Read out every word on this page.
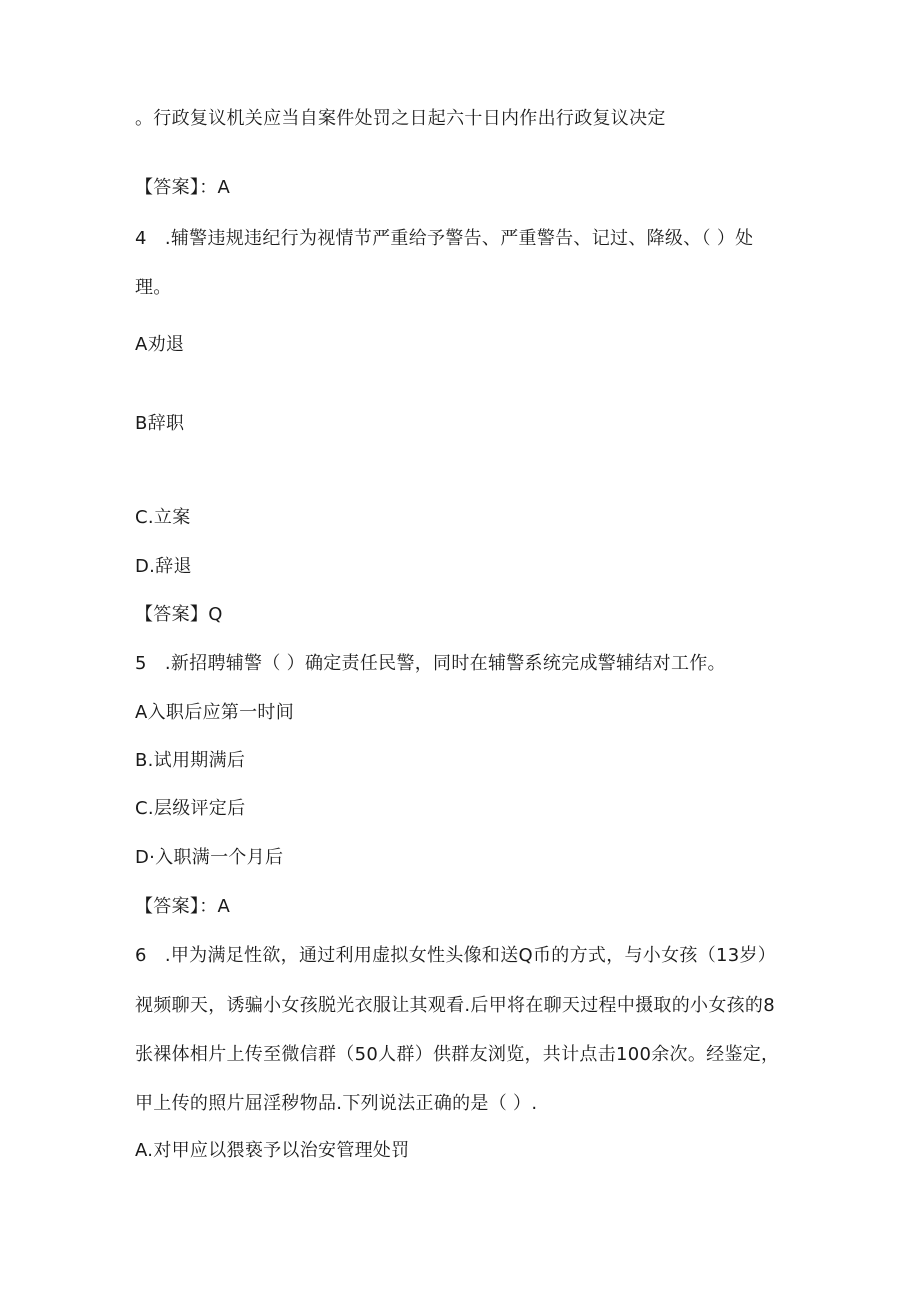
。行政复议机关应当自案件处罚之日起六十日内作出行政复议决定
【答案】：A
4   .辅警违规违纪行为视情节严重给予警告、严重警告、记过、降级、（ ）处
理。
A劝退
B辞职
C.立案
D.辞退
【答案】Q
5   .新招聘辅警（ ）确定责任民警，同时在辅警系统完成警辅结对工作。
A入职后应第一时间
B.试用期满后
C.层级评定后
D·入职满一个月后
【答案】：A
6   .甲为满足性欲，通过利用虚拟女性头像和送Q币的方式，与小女孩（13岁）
视频聊天，诱骗小女孩脱光衣服让其观看.后甲将在聊天过程中摄取的小女孩的8
张裸体相片上传至微信群（50人群）供群友浏览，共计点击100余次。经鉴定，
甲上传的照片屈淫秽物品.下列说法正确的是（ ）.
A.对甲应以猥亵予以治安管理处罚
